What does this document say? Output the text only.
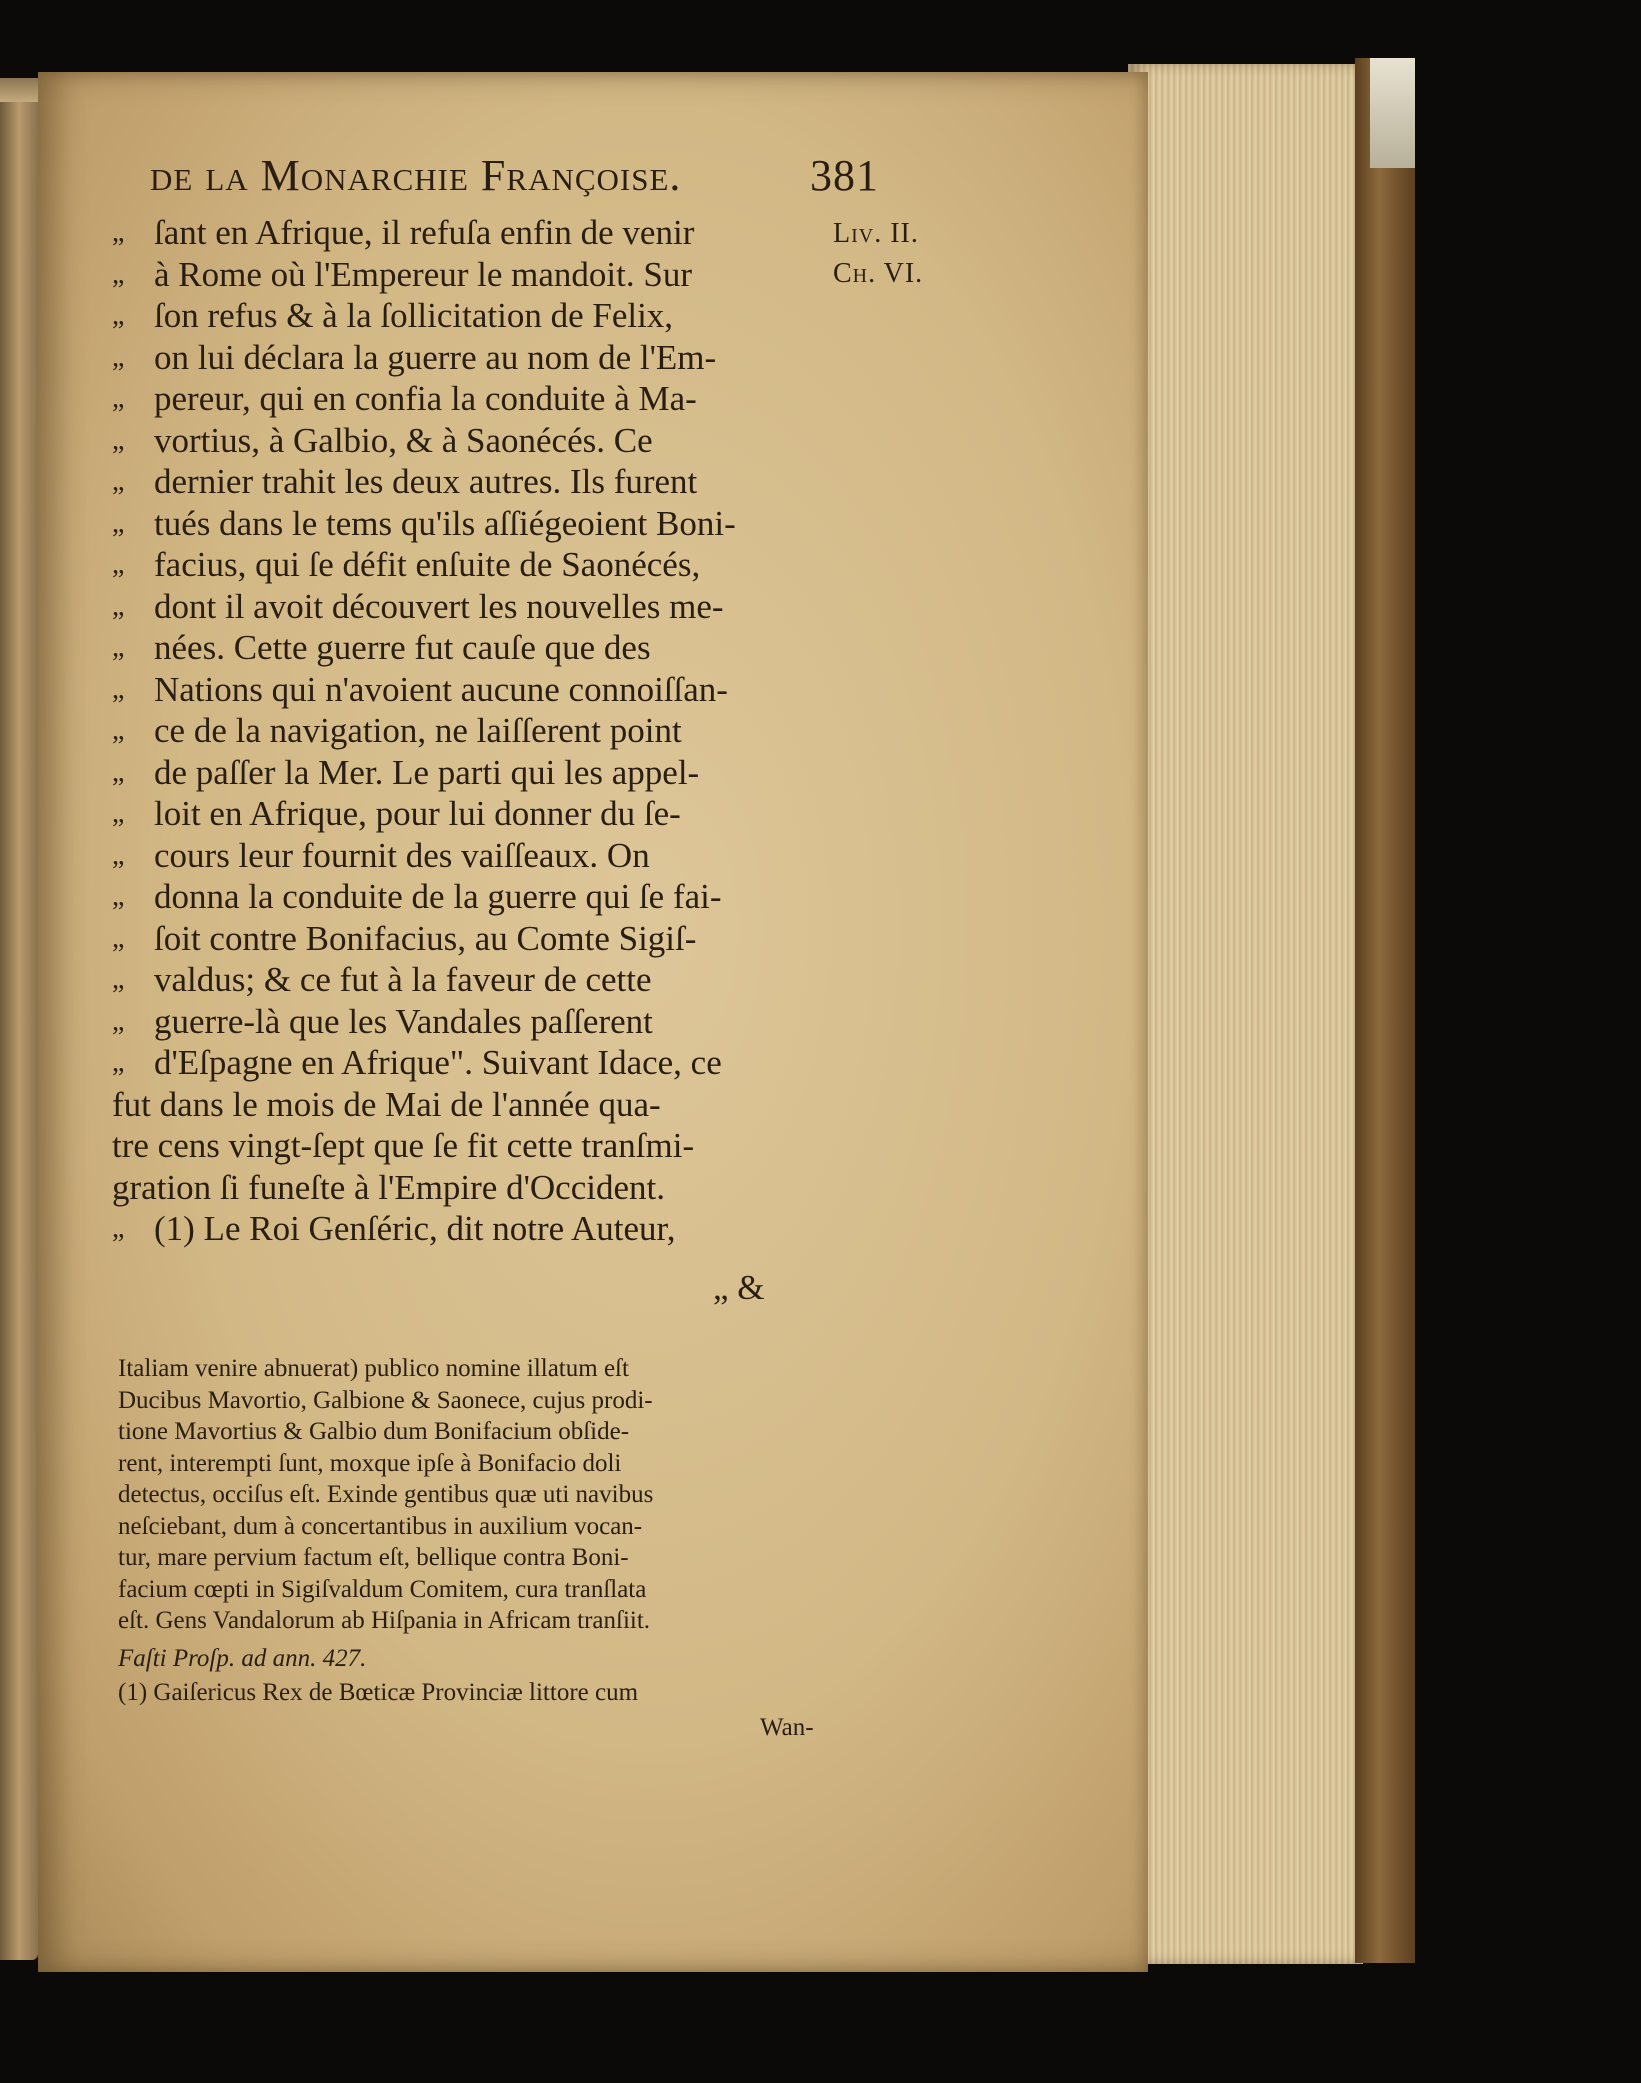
de la Monarchie Françoise.	381
Liv. II.
Ch. VI.
„ ſant en Afrique, il refuſa enfin de venir
„ à Rome où l'Empereur le mandoit. Sur
„ ſon refus & à la ſollicitation de Felix,
„ on lui déclara la guerre au nom de l'Em-
„ pereur, qui en confia la conduite à Ma-
„ vortius, à Galbio, & à Saonécés. Ce
„ dernier trahit les deux autres. Ils furent
„ tués dans le tems qu'ils aſſiégeoient Boni-
„ facius, qui ſe défit enſuite de Saonécés,
„ dont il avoit découvert les nouvelles me-
„ nées. Cette guerre fut cauſe que des
„ Nations qui n'avoient aucune connoiſſan-
„ ce de la navigation, ne laiſſerent point
„ de paſſer la Mer. Le parti qui les appel-
„ loit en Afrique, pour lui donner du ſe-
„ cours leur fournit des vaiſſeaux. On
„ donna la conduite de la guerre qui ſe fai-
„ ſoit contre Bonifacius, au Comte Sigiſ-
„ valdus; & ce fut à la faveur de cette
„ guerre-là que les Vandales paſſerent
„ d'Eſpagne en Afrique". Suivant Idace, ce
fut dans le mois de Mai de l'année qua-
tre cens vingt-ſept que ſe fit cette tranſmi-
gration ſi funeſte à l'Empire d'Occident.
„ (1) Le Roi Genſéric, dit notre Auteur,
„ &
Italiam venire abnuerat) publico nomine illatum eſt
Ducibus Mavortio, Galbione & Saonece, cujus prodi-
tione Mavortius & Galbio dum Bonifacium obſide-
rent, interempti ſunt, moxque ipſe à Bonifacio doli
detectus, occiſus eſt. Exinde gentibus quæ uti navibus
neſciebant, dum à concertantibus in auxilium vocan-
tur, mare pervium factum eſt, bellique contra Boni-
facium cœpti in Sigiſvaldum Comitem, cura tranſlata
eſt. Gens Vandalorum ab Hiſpania in Africam tranſiit.
Faſti Proſp. ad ann. 427.
(1) Gaiſericus Rex de Bœticæ Provinciæ littore cum
Wan-
